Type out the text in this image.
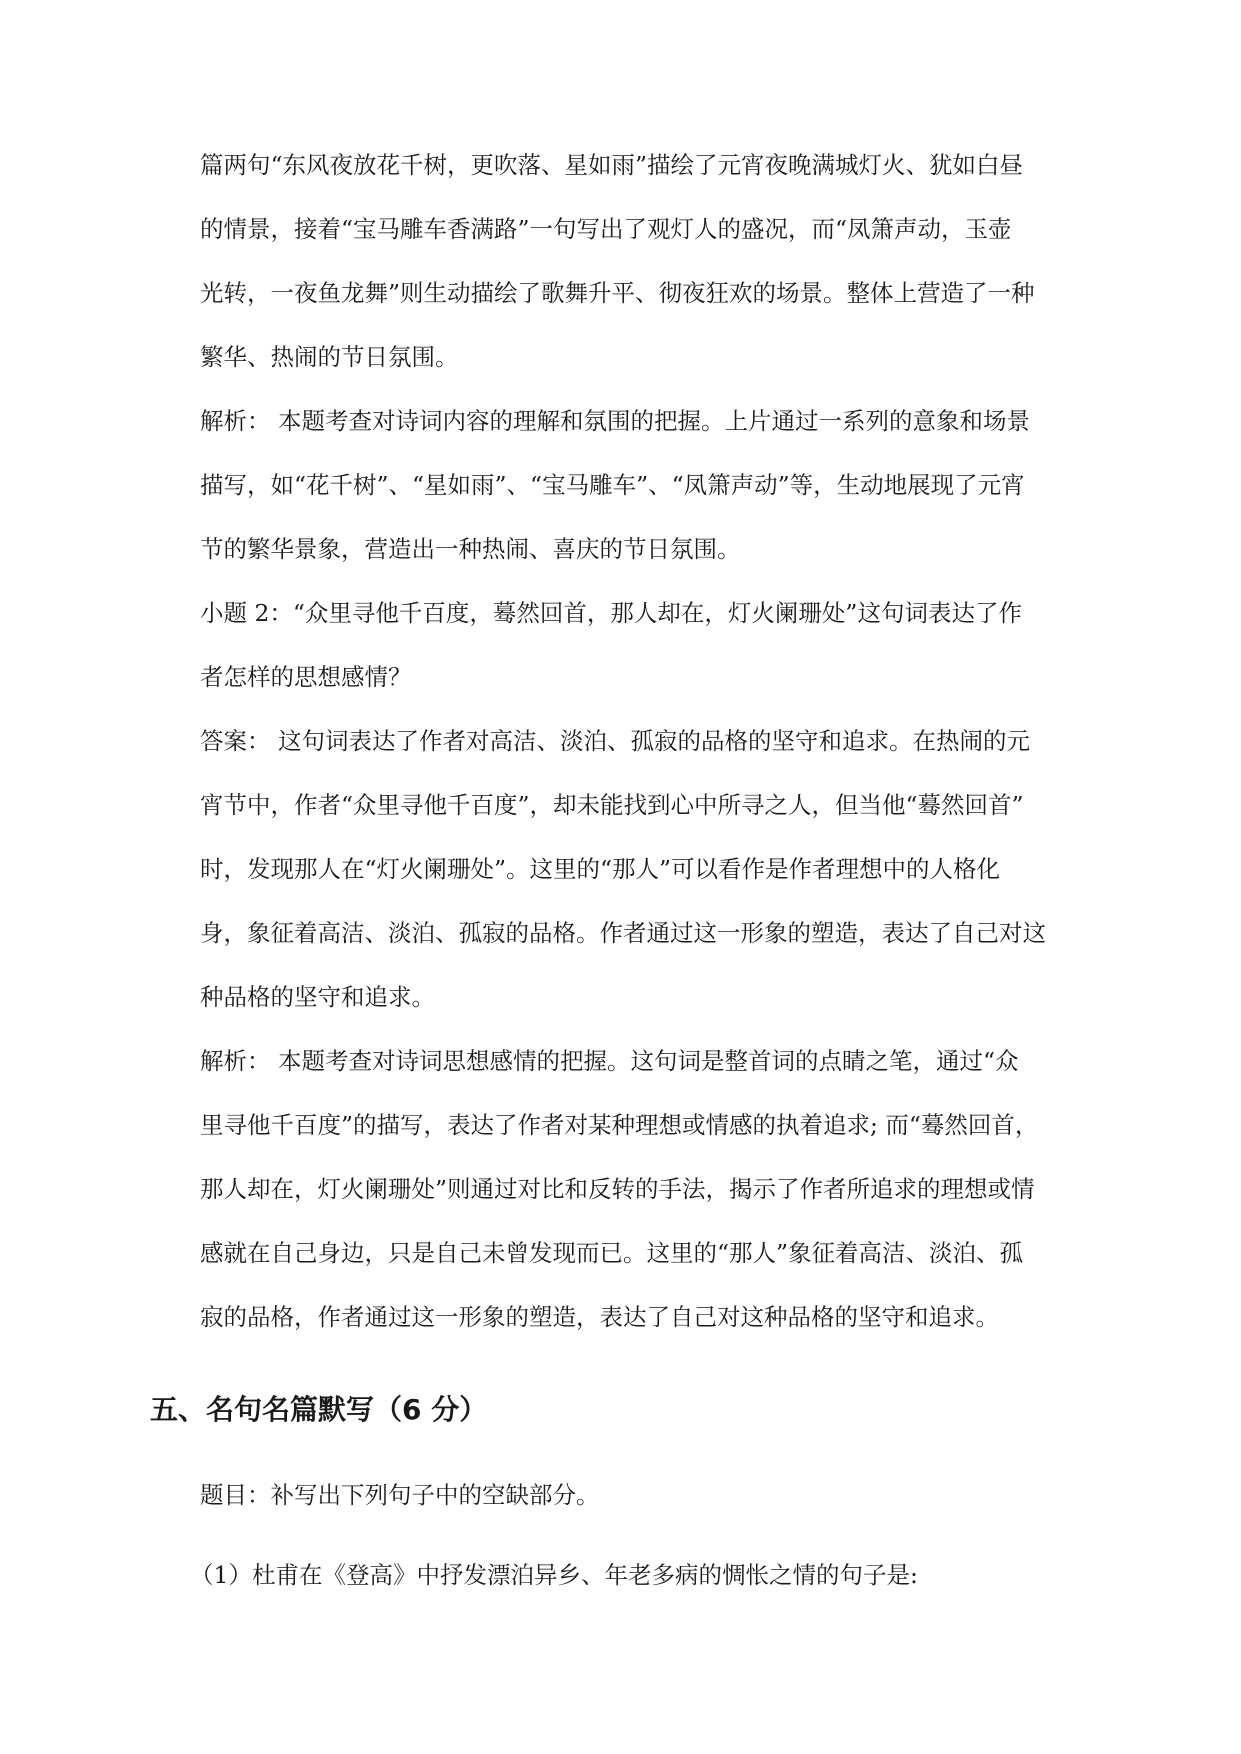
篇两句“东风夜放花千树，更吹落、星如雨”描绘了元宵夜晚满城灯火、犹如白昼
的情景，接着“宝马雕车香满路”一句写出了观灯人的盛况，而“凤箫声动，玉壶
光转，一夜鱼龙舞”则生动描绘了歌舞升平、彻夜狂欢的场景。整体上营造了一种
繁华、热闹的节日氛围。
解析： 本题考查对诗词内容的理解和氛围的把握。上片通过一系列的意象和场景
描写，如“花千树”、“星如雨”、“宝马雕车”、“凤箫声动”等，生动地展现了元宵
节的繁华景象，营造出一种热闹、喜庆的节日氛围。
小题 2：“众里寻他千百度，蓦然回首，那人却在，灯火阑珊处”这句词表达了作
者怎样的思想感情？
答案： 这句词表达了作者对高洁、淡泊、孤寂的品格的坚守和追求。在热闹的元
宵节中，作者“众里寻他千百度”，却未能找到心中所寻之人，但当他“蓦然回首”
时，发现那人在“灯火阑珊处”。这里的“那人”可以看作是作者理想中的人格化
身，象征着高洁、淡泊、孤寂的品格。作者通过这一形象的塑造，表达了自己对这
种品格的坚守和追求。
解析： 本题考查对诗词思想感情的把握。这句词是整首词的点睛之笔，通过“众
里寻他千百度”的描写，表达了作者对某种理想或情感的执着追求; 而“蓦然回首，
那人却在，灯火阑珊处”则通过对比和反转的手法，揭示了作者所追求的理想或情
感就在自己身边，只是自己未曾发现而已。这里的“那人”象征着高洁、淡泊、孤
寂的品格，作者通过这一形象的塑造，表达了自己对这种品格的坚守和追求。
五、名句名篇默写（6 分）
题目：补写出下列句子中的空缺部分。
（1）杜甫在《登高》中抒发漂泊异乡、年老多病的惆怅之情的句子是:
